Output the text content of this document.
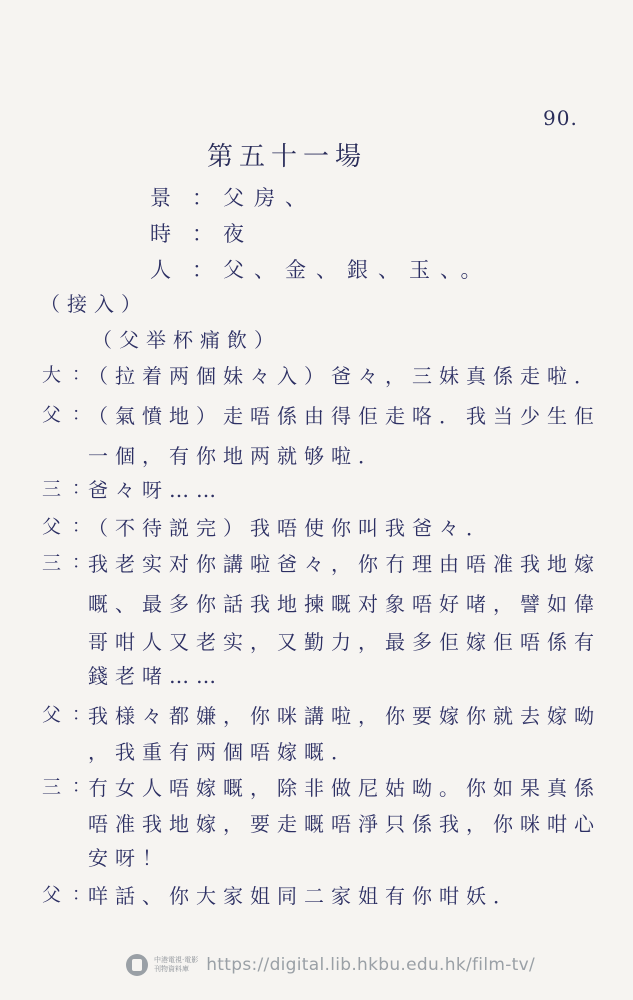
90.
第五十一場
景 ：父房、
時 ：夜
人 ：父、金、銀、玉、。
（接入）
（父举杯痛飲）
大 ：
（拉着两個妹々入）爸々，三妹真係走啦．
父 ：
（氣憤地）走唔係由得佢走咯．我当少生佢
一個，有你地两就够啦．
三 ：
爸々呀……
父 ：
（不待説完）我唔使你叫我爸々．
三 ：
我老实对你講啦爸々，你冇理由唔准我地嫁
嘅、最多你話我地揀嘅对象唔好啫，譬如偉
哥咁人又老实，又勤力，最多佢嫁佢唔係有
錢老啫……
父 ：
我様々都嫌，你咪講啦，你要嫁你就去嫁呦
，我重有两個唔嫁嘅．
三 ：
冇女人唔嫁嘅，除非做尼姑呦。你如果真係
唔准我地嫁，要走嘅唔淨只係我，你咪咁心
安呀！
父 ：
咩話、你大家姐同二家姐有你咁妖．
中港電視‧電影
刊物資料庫	https://digital.lib.hkbu.edu.hk/film-tv/
